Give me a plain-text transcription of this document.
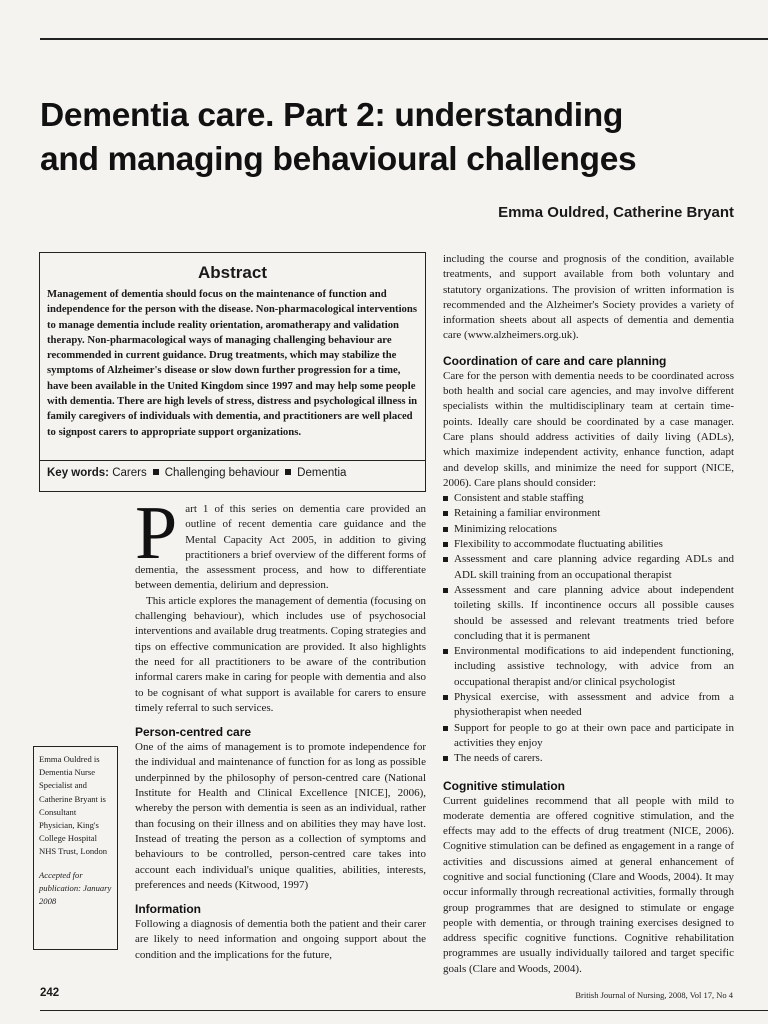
Dementia care. Part 2: understanding
and managing behavioural challenges
Emma Ouldred, Catherine Bryant
Abstract
Management of dementia should focus on the maintenance of function and independence for the person with the disease. Non-pharmacological interventions to manage dementia include reality orientation, aromatherapy and validation therapy. Non-pharmacological ways of managing challenging behaviour are recommended in current guidance. Drug treatments, which may stabilize the symptoms of Alzheimer's disease or slow down further progression for a time, have been available in the United Kingdom since 1997 and may help some people with dementia. There are high levels of stress, distress and psychological illness in family caregivers of individuals with dementia, and practitioners are well placed to signpost carers to appropriate support organizations.
Key words: Carers Challenging behaviour Dementia

Part 1 of this series on dementia care provided an outline of recent dementia care guidance and the Mental Capacity Act 2005, in addition to giving practitioners a brief overview of the different forms of dementia, the assessment process, and how to differentiate between dementia, delirium and depression.

This article explores the management of dementia (focusing on challenging behaviour), which includes use of psychosocial interventions and available drug treatments. Coping strategies and tips on effective communication are provided. It also highlights the need for all practitioners to be aware of the contribution informal carers make in caring for people with dementia and also to be cognisant of what support is available for carers to ensure timely referral to such services.

Person-centred care

One of the aims of management is to promote independence for the individual and maintenance of function for as long as possible underpinned by the philosophy of person-centred care (National Institute for Health and Clinical Excellence [NICE], 2006), whereby the person with dementia is seen as an individual, rather than focusing on their illness and on abilities they may have lost. Instead of treating the person as a collection of symptoms and behaviours to be controlled, person-centred care takes into account each individual's unique qualities, abilities, interests, preferences and needs (Kitwood, 1997)

Information

Following a diagnosis of dementia both the patient and their carer are likely to need information and ongoing support about the condition and the implications for the future,

including the course and prognosis of the condition, available treatments, and support available from both voluntary and statutory organizations. The provision of written information is recommended and the Alzheimer's Society provides a variety of information sheets about all aspects of dementia and dementia care (www.alzheimers.org.uk).

Coordination of care and care planning

Care for the person with dementia needs to be coordinated across both health and social care agencies, and may involve different specialists within the multidisciplinary team at certain time-points. Ideally care should be coordinated by a case manager. Care plans should address activities of daily living (ADLs), which maximize independent activity, enhance function, adapt and develop skills, and minimize the need for support (NICE, 2006). Care plans should consider:

Consistent and stable staffing
Retaining a familiar environment
Minimizing relocations
Flexibility to accommodate fluctuating abilities
Assessment and care planning advice regarding ADLs and ADL skill training from an occupational therapist
Assessment and care planning advice about independent toileting skills. If incontinence occurs all possible causes should be assessed and relevant treatments tried before concluding that it is permanent
Environmental modifications to aid independent functioning, including assistive technology, with advice from an occupational therapist and/or clinical psychologist
Physical exercise, with assessment and advice from a physiotherapist when needed
Support for people to go at their own pace and participate in activities they enjoy
The needs of carers.
Cognitive stimulation

Current guidelines recommend that all people with mild to moderate dementia are offered cognitive stimulation, and the effects may add to the effects of drug treatment (NICE, 2006). Cognitive stimulation can be defined as engagement in a range of activities and discussions aimed at general enhancement of cognitive and social functioning (Clare and Woods, 2004). It may occur informally through recreational activities, formally through group programmes that are designed to stimulate or engage people with dementia, or through training exercises designed to address specific cognitive functions. Cognitive rehabilitation programmes are usually individually tailored and target specific goals (Clare and Woods, 2004).

Emma Ouldred is Dementia Nurse Specialist and Catherine Bryant is Consultant Physician, King's College Hospital NHS Trust, London
Accepted for publication: January 2008
242	British Journal of Nursing, 2008, Vol 17, No 4
